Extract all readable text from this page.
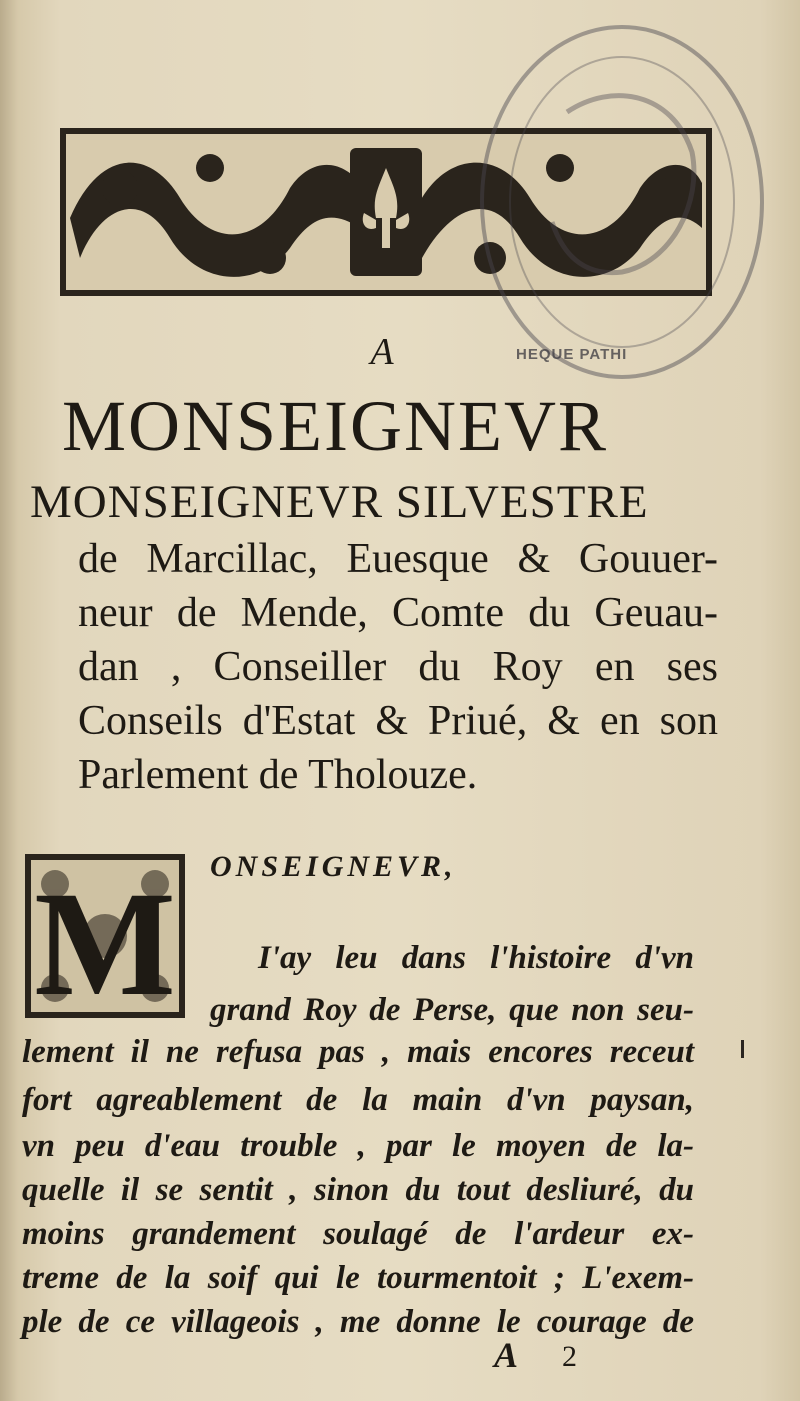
HEQUE PATHI
A
MONSEIGNEVR
MONSEIGNEVR SILVESTRE
de Marcillac, Euesque & Gouuer-
neur de Mende, Comte du Geuau-
dan , Conseiller du Roy en ses
Conseils d'Estat & Priué, & en son
Parlement de Tholouze.
M ONSEIGNEVR,
I'ay leu dans l'histoire d'vn
grand Roy de Perse, que non seu-
lement il ne refusa pas , mais encores receut
fort agreablement de la main d'vn paysan,
vn peu d'eau trouble , par le moyen de la-
quelle il se sentit , sinon du tout desliuré, du
moins grandement soulagé de l'ardeur ex-
treme de la soif qui le tourmentoit ; L'exem-
ple de ce villageois , me donne le courage de
A 2
